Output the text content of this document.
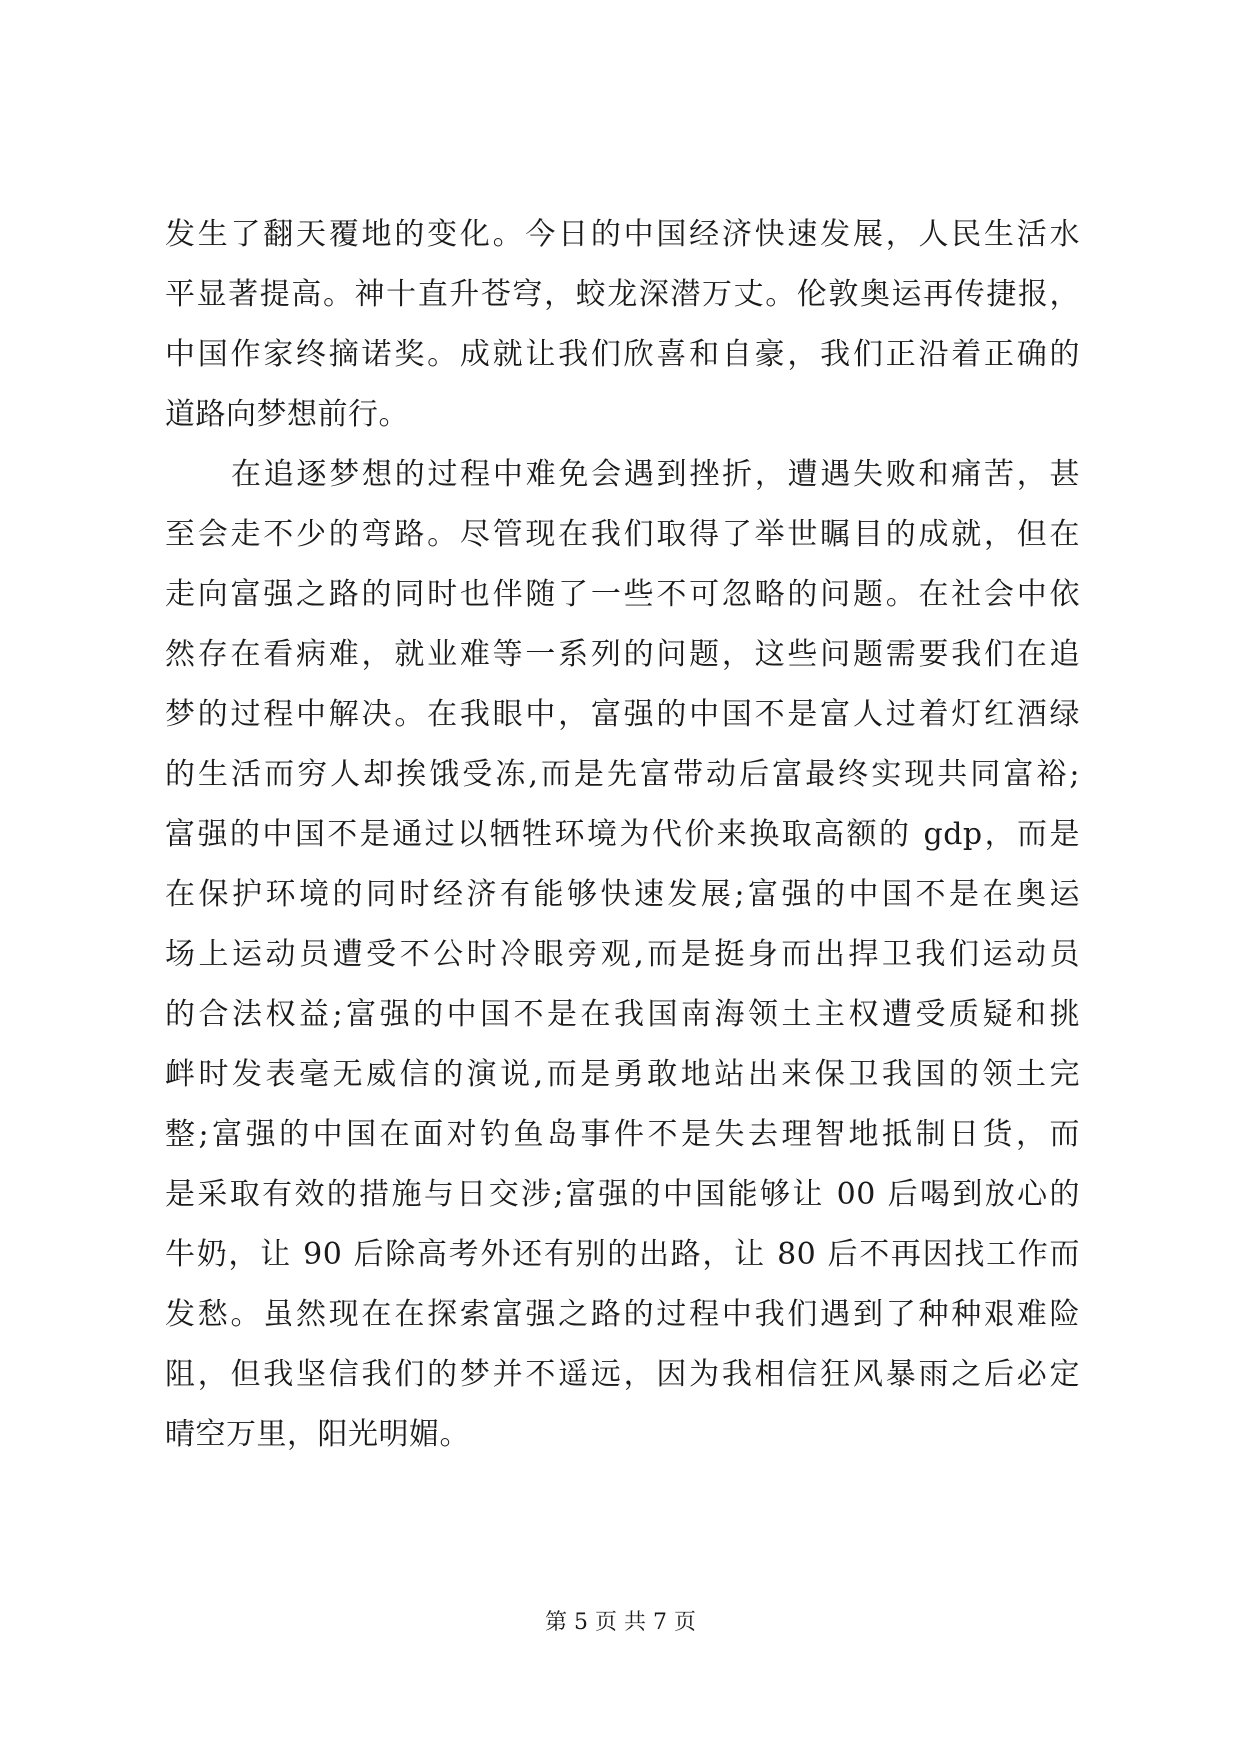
发生了翻天覆地的变化。今日的中国经济快速发展，人民生活水
平显著提高。神十直升苍穹，蛟龙深潜万丈。伦敦奥运再传捷报，
中国作家终摘诺奖。成就让我们欣喜和自豪，我们正沿着正确的
道路向梦想前行。
在追逐梦想的过程中难免会遇到挫折，遭遇失败和痛苦，甚
至会走不少的弯路。尽管现在我们取得了举世瞩目的成就，但在
走向富强之路的同时也伴随了一些不可忽略的问题。在社会中依
然存在看病难，就业难等一系列的问题，这些问题需要我们在追
梦的过程中解决。在我眼中，富强的中国不是富人过着灯红酒绿
的生活而穷人却挨饿受冻,而是先富带动后富最终实现共同富裕;
富强的中国不是通过以牺牲环境为代价来换取高额的 gdp，而是
在保护环境的同时经济有能够快速发展;富强的中国不是在奥运
场上运动员遭受不公时冷眼旁观,而是挺身而出捍卫我们运动员
的合法权益;富强的中国不是在我国南海领土主权遭受质疑和挑
衅时发表毫无威信的演说,而是勇敢地站出来保卫我国的领土完
整;富强的中国在面对钓鱼岛事件不是失去理智地抵制日货，而
是采取有效的措施与日交涉;富强的中国能够让 00 后喝到放心的
牛奶，让 90 后除高考外还有别的出路，让 80 后不再因找工作而
发愁。虽然现在在探索富强之路的过程中我们遇到了种种艰难险
阻，但我坚信我们的梦并不遥远，因为我相信狂风暴雨之后必定
晴空万里，阳光明媚。
第 5 页 共 7 页
